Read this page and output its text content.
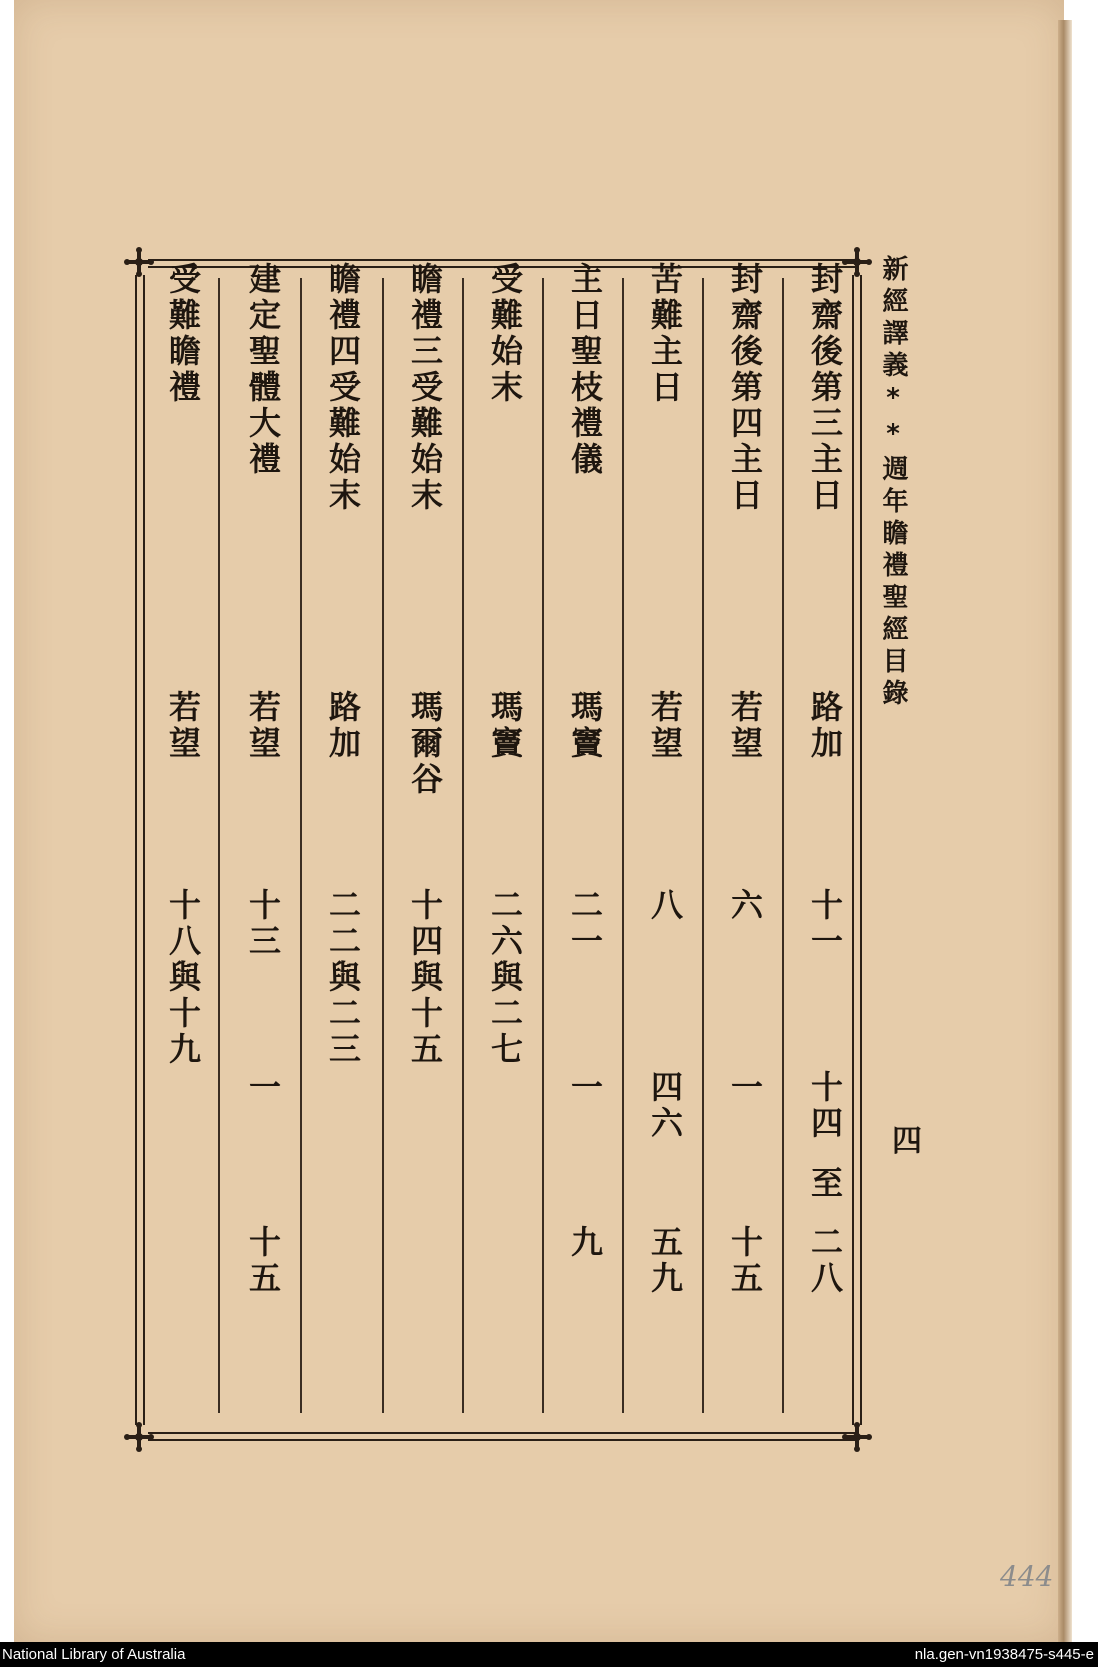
新經譯義**週年瞻禮聖經目錄
四
封齋後第三主日
路加
十一
十四
至
二八
封齋後第四主日
若望
六
一
十五
苦難主日
若望
八
四六
五九
主日聖枝禮儀
瑪竇
二一
一
九
受難始末
瑪竇
二六與二七
瞻禮三受難始末
瑪爾谷
十四與十五
瞻禮四受難始末
路加
二二與二三
建定聖體大禮
若望
十三
一
十五
受難瞻禮
若望
十八與十九
444
National Library of Australia	nla.gen-vn1938475-s445-e
